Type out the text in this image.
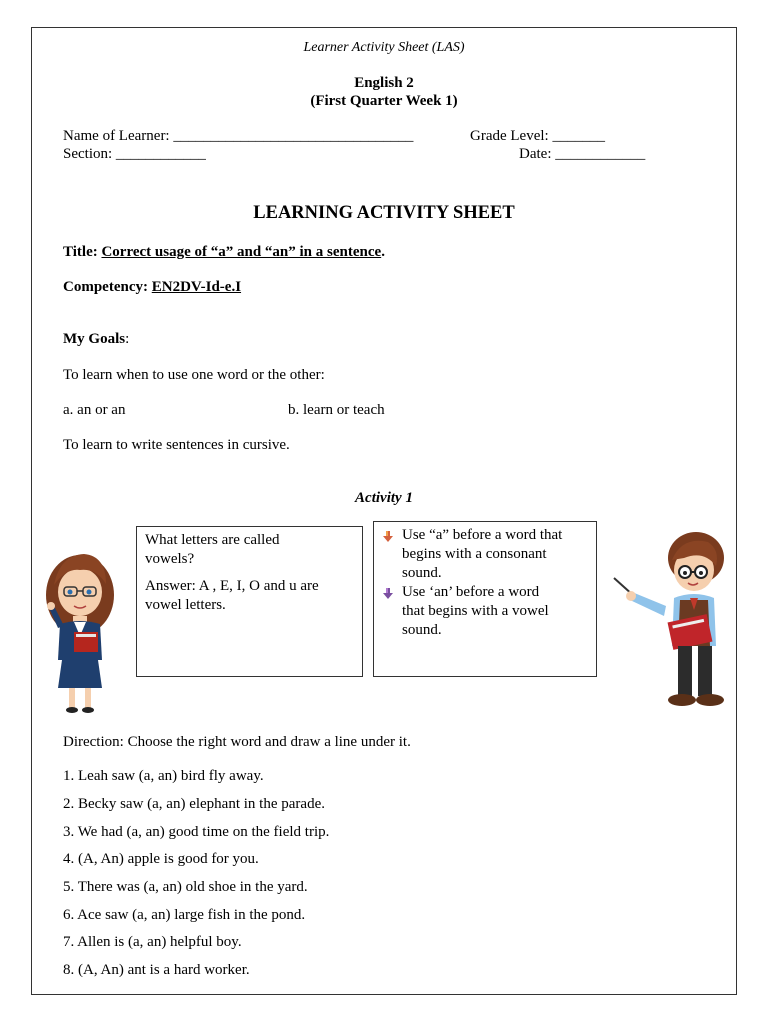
Learner Activity Sheet (LAS)
English 2
(First Quarter Week 1)
Name of Learner: ________________________________	Grade Level: _______
Section: ____________	Date: ____________
LEARNING ACTIVITY SHEET
Title: Correct usage of “a” and “an” in a sentence.
Competency: EN2DV-Id-e.I
My Goals:
To learn when to use one word or the other:
a. an or an	b. learn or teach
To learn to write sentences in cursive.
Activity 1

What letters are called vowels?

Answer: A , E, I, O and u are vowel letters.

Use “a” before a word that begins with a consonant sound.
Use ‘an’ before a word that begins with a vowel sound.
Direction: Choose the right word and draw a line under it.
1. Leah saw (a, an) bird fly away.
2. Becky saw (a, an) elephant in the parade.
3. We had (a, an) good time on the field trip.
4. (A, An) apple is good for you.
5. There was (a, an) old shoe in the yard.
6. Ace saw (a, an) large fish in the pond.
7. Allen is (a, an) helpful boy.
8. (A, An) ant is a hard worker.
